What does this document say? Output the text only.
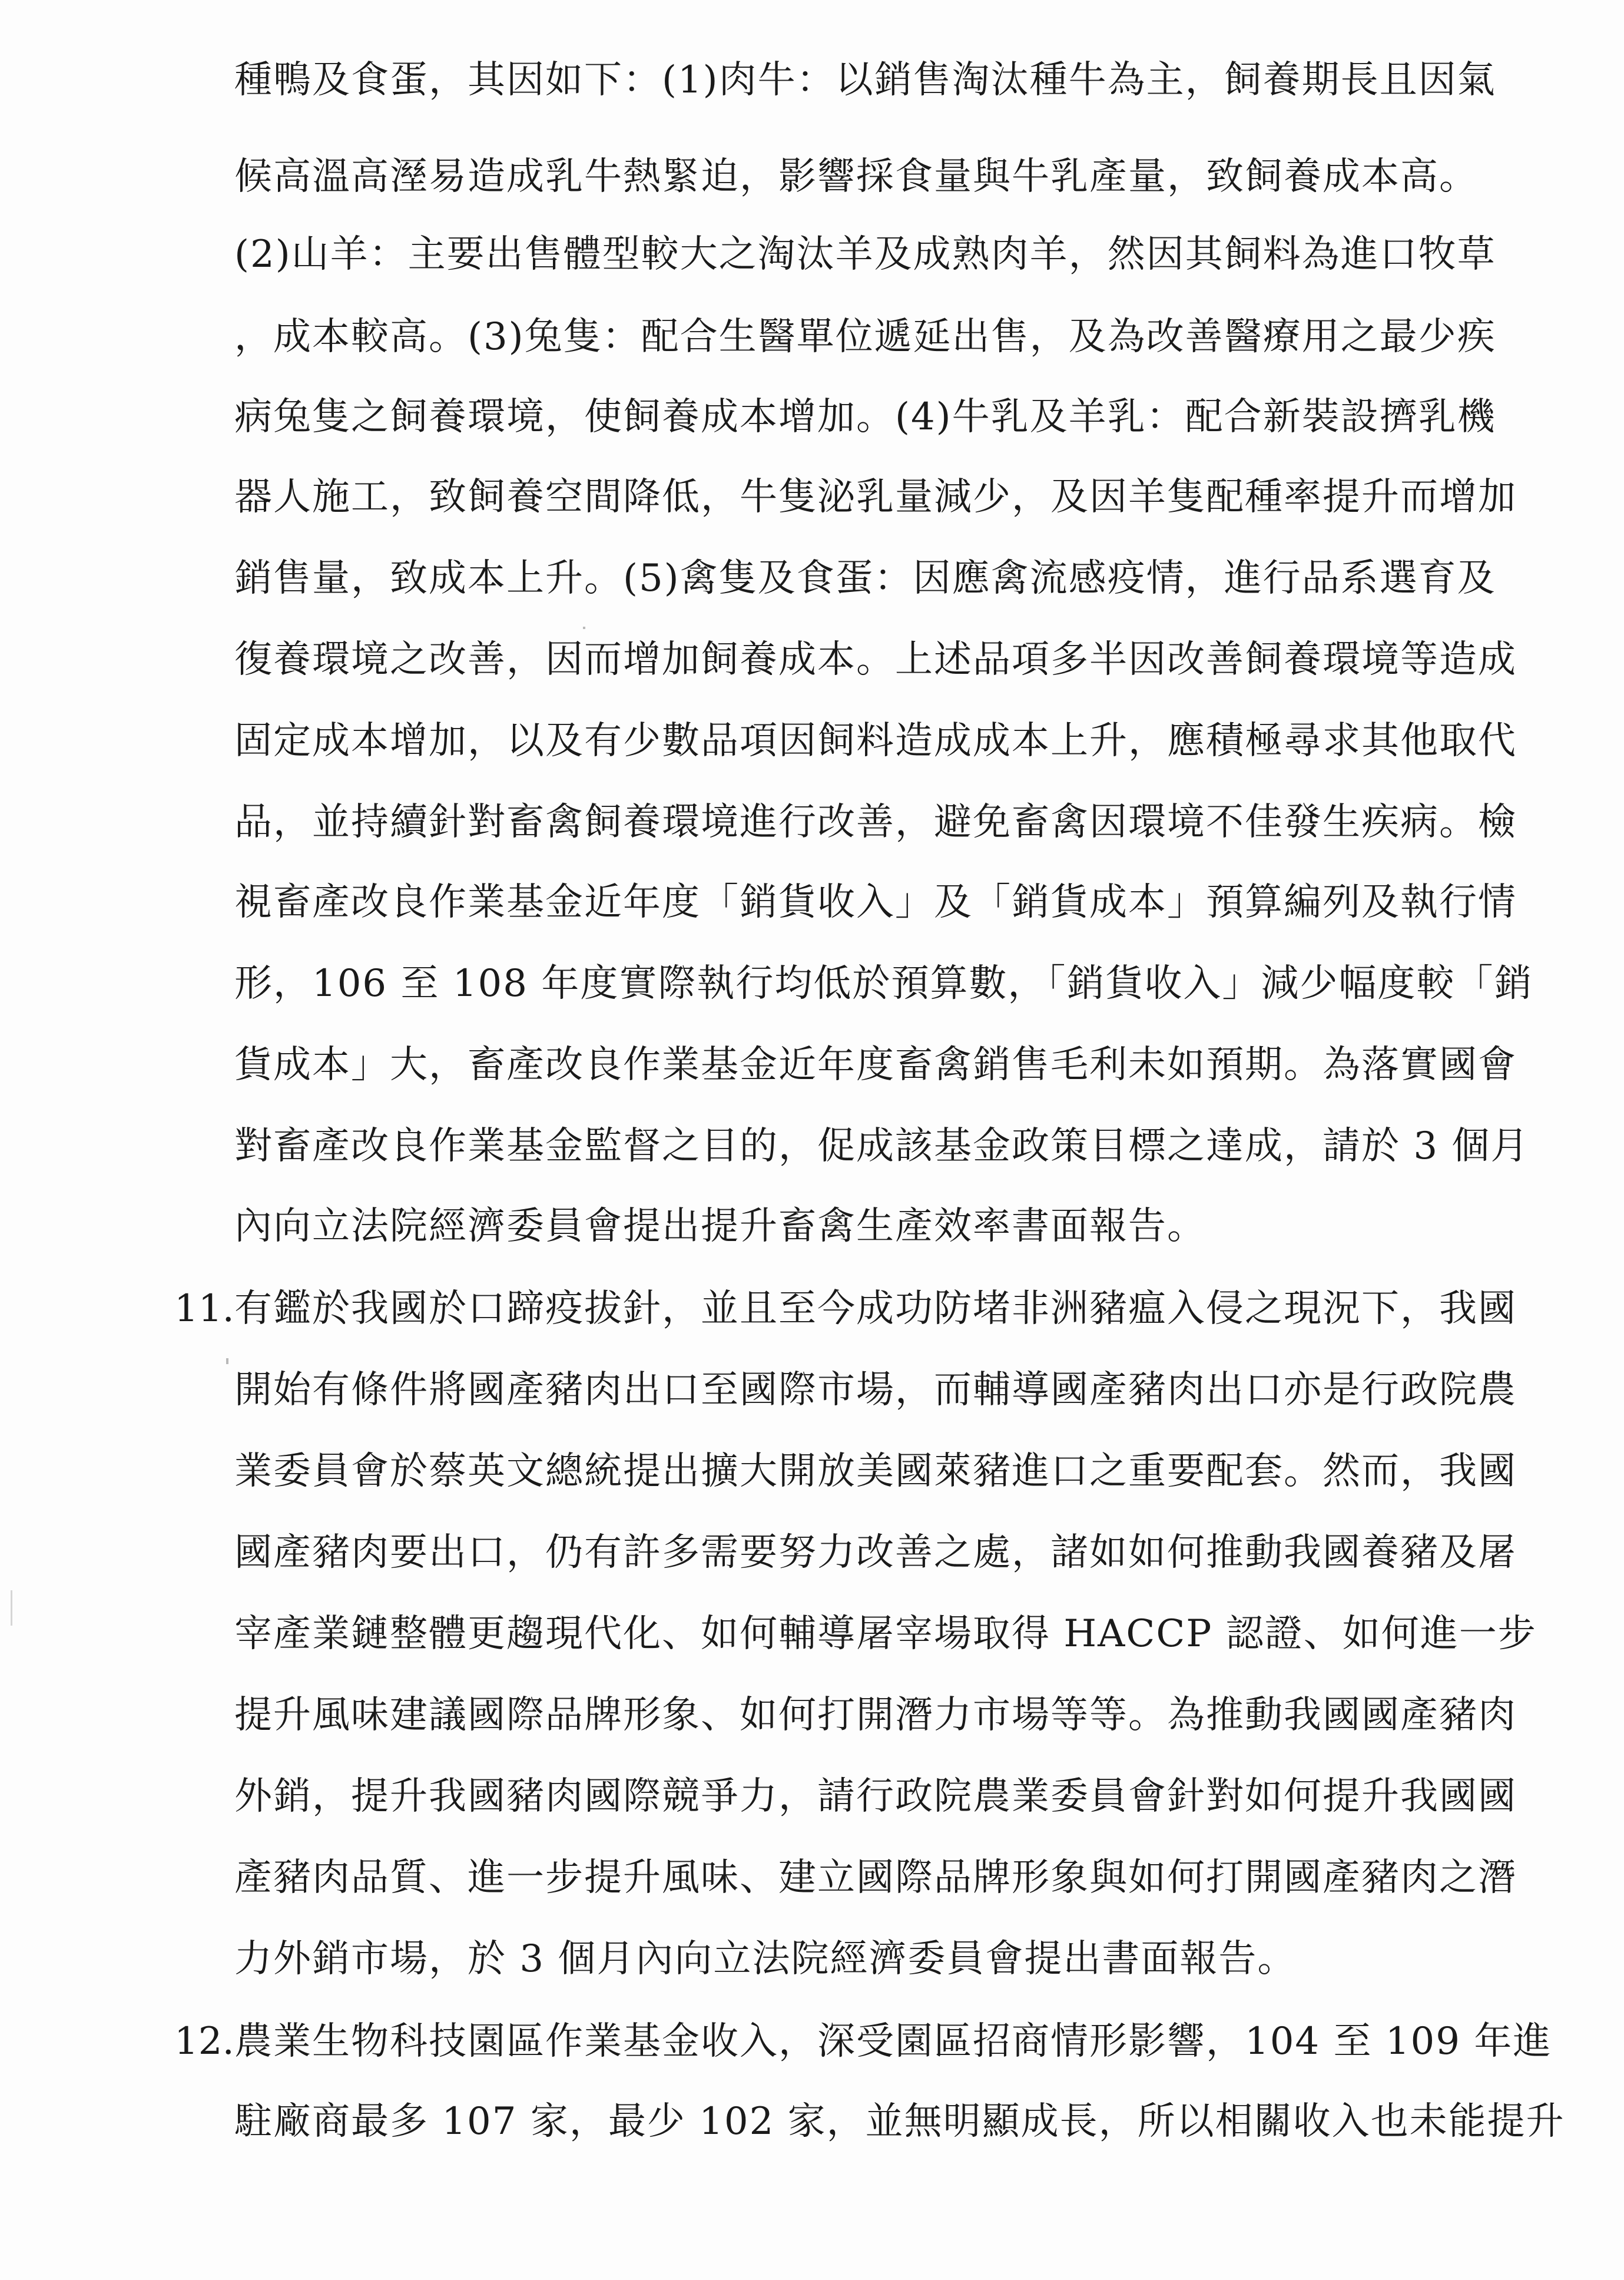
種鴨及食蛋，其因如下：(1)肉牛：以銷售淘汰種牛為主，飼養期長且因氣
候高溫高溼易造成乳牛熱緊迫，影響採食量與牛乳產量，致飼養成本高。
(2)山羊：主要出售體型較大之淘汰羊及成熟肉羊，然因其飼料為進口牧草
，成本較高。(3)兔隻：配合生醫單位遞延出售，及為改善醫療用之最少疾
病兔隻之飼養環境，使飼養成本增加。(4)牛乳及羊乳：配合新裝設擠乳機
器人施工，致飼養空間降低，牛隻泌乳量減少，及因羊隻配種率提升而增加
銷售量，致成本上升。(5)禽隻及食蛋：因應禽流感疫情，進行品系選育及
復養環境之改善，因而增加飼養成本。上述品項多半因改善飼養環境等造成
固定成本增加，以及有少數品項因飼料造成成本上升，應積極尋求其他取代
品，並持續針對畜禽飼養環境進行改善，避免畜禽因環境不佳發生疾病。檢
視畜產改良作業基金近年度「銷貨收入」及「銷貨成本」預算編列及執行情
形，106 至 108 年度實際執行均低於預算數，「銷貨收入」減少幅度較「銷
貨成本」大，畜產改良作業基金近年度畜禽銷售毛利未如預期。為落實國會
對畜產改良作業基金監督之目的，促成該基金政策目標之達成，請於 3 個月
內向立法院經濟委員會提出提升畜禽生產效率書面報告。
11. 有鑑於我國於口蹄疫拔針，並且至今成功防堵非洲豬瘟入侵之現況下，我國
開始有條件將國產豬肉出口至國際市場，而輔導國產豬肉出口亦是行政院農
業委員會於蔡英文總統提出擴大開放美國萊豬進口之重要配套。然而，我國
國產豬肉要出口，仍有許多需要努力改善之處，諸如如何推動我國養豬及屠
宰產業鏈整體更趨現代化、如何輔導屠宰場取得 HACCP 認證、如何進一步
提升風味建議國際品牌形象、如何打開潛力市場等等。為推動我國國產豬肉
外銷，提升我國豬肉國際競爭力，請行政院農業委員會針對如何提升我國國
產豬肉品質、進一步提升風味、建立國際品牌形象與如何打開國產豬肉之潛
力外銷市場，於 3 個月內向立法院經濟委員會提出書面報告。
12. 農業生物科技園區作業基金收入，深受園區招商情形影響，104 至 109 年進
駐廠商最多 107 家，最少 102 家，並無明顯成長，所以相關收入也未能提升
